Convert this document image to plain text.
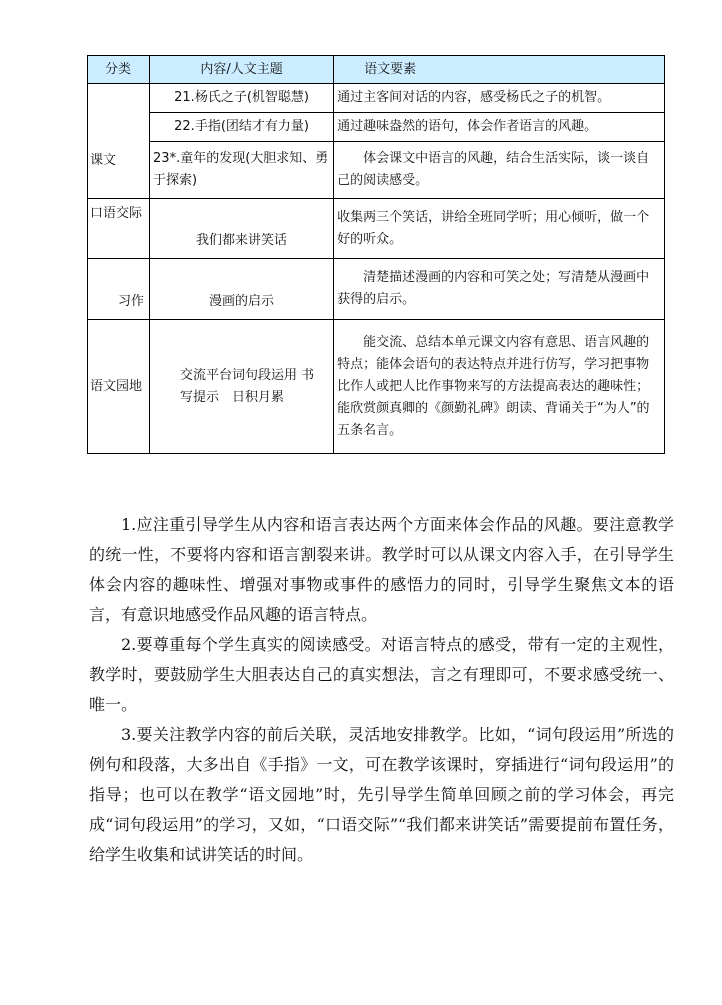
分类	内容/人文主题	语文要素
课文	21.杨氏之子(机智聪慧)	通过主客间对话的内容，感受杨氏之子的机智。
	22.手指(团结才有力量)	通过趣味盎然的语句，体会作者语言的风趣。
	23*.童年的发现(大胆求知、勇于探索)	体会课文中语言的风趣，结合生活实际，谈一谈自己的阅读感受。
口语交际	我们都来讲笑话	收集两三个笑话，讲给全班同学听；用心倾听，做一个好的听众。
习作	漫画的启示	清楚描述漫画的内容和可笑之处；写清楚从漫画中获得的启示。
语文园地	交流平台词句段运用 书写提示　日积月累	能交流、总结本单元课文内容有意思、语言风趣的特点；能体会语句的表达特点并进行仿写，学习把事物比作人或把人比作事物来写的方法提高表达的趣味性；能欣赏颜真卿的《颜勤礼碑》朗读、背诵关于“为人”的五条名言。

1.应注重引导学生从内容和语言表达两个方面来体会作品的风趣。要注意教学的统一性，不要将内容和语言割裂来讲。教学时可以从课文内容入手，在引导学生体会内容的趣味性、增强对事物或事件的感悟力的同时，引导学生聚焦文本的语言，有意识地感受作品风趣的语言特点。

2.要尊重每个学生真实的阅读感受。对语言特点的感受，带有一定的主观性，教学时，要鼓励学生大胆表达自己的真实想法，言之有理即可，不要求感受统一、唯一。

3.要关注教学内容的前后关联，灵活地安排教学。比如，“词句段运用”所选的例句和段落，大多出自《手指》一文，可在教学该课时，穿插进行“词句段运用”的指导；也可以在教学“语文园地”时，先引导学生简单回顾之前的学习体会，再完成“词句段运用”的学习，又如，“口语交际”“我们都来讲笑话”需要提前布置任务，给学生收集和试讲笑话的时间。
